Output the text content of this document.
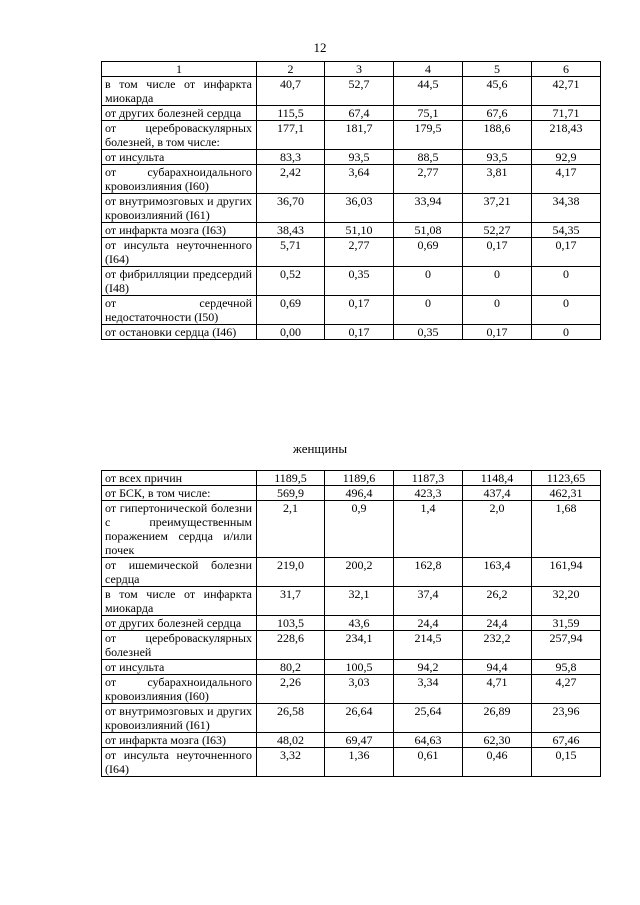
12
1	2	3	4	5	6
в том числе от инфаркта миокарда	40,7	52,7	44,5	45,6	42,71
от других болезней сердца	115,5	67,4	75,1	67,6	71,71
от цереброваскулярных болезней, в том числе:	177,1	181,7	179,5	188,6	218,43
от инсульта	83,3	93,5	88,5	93,5	92,9
от субарахноидального кровоизлияния (I60)	2,42	3,64	2,77	3,81	4,17
от внутримозговых и других кровоизлияний (I61)	36,70	36,03	33,94	37,21	34,38
от инфаркта мозга (I63)	38,43	51,10	51,08	52,27	54,35
от инсульта неуточненного (I64)	5,71	2,77	0,69	0,17	0,17
от фибрилляции предсердий (I48)	0,52	0,35	0	0	0
от сердечной недостаточности (I50)	0,69	0,17	0	0	0
от остановки сердца (I46)	0,00	0,17	0,35	0,17	0
женщины
от всех причин	1189,5	1189,6	1187,3	1148,4	1123,65
от БСК, в том числе:	569,9	496,4	423,3	437,4	462,31
от гипертонической болезни с преимущественным поражением сердца и/или почек	2,1	0,9	1,4	2,0	1,68
от ишемической болезни сердца	219,0	200,2	162,8	163,4	161,94
в том числе от инфаркта миокарда	31,7	32,1	37,4	26,2	32,20
от других болезней сердца	103,5	43,6	24,4	24,4	31,59
от цереброваскулярных болезней	228,6	234,1	214,5	232,2	257,94
от инсульта	80,2	100,5	94,2	94,4	95,8
от субарахноидального кровоизлияния (I60)	2,26	3,03	3,34	4,71	4,27
от внутримозговых и других кровоизлияний (I61)	26,58	26,64	25,64	26,89	23,96
от инфаркта мозга (I63)	48,02	69,47	64,63	62,30	67,46
от инсульта неуточненного (I64)	3,32	1,36	0,61	0,46	0,15
